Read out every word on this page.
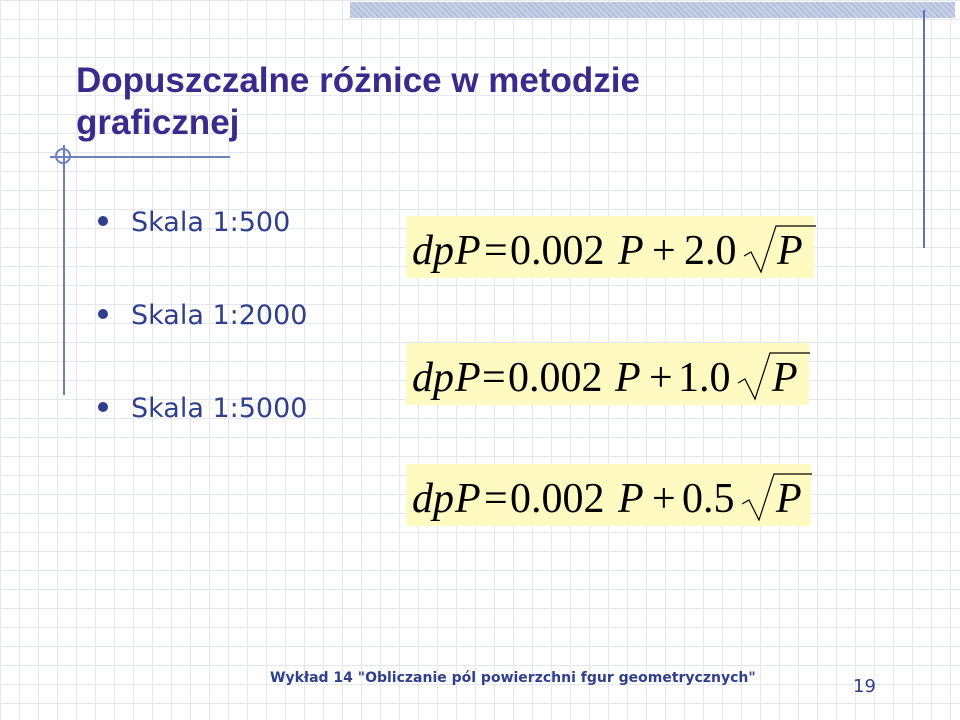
Dopuszczalne różnice w metodzie
graficznej
Skala 1:500
Skala 1:2000
Skala 1:5000
dp P = 0.002 P + 2.0 P
dp P = 0.002 P + 1.0 P
dp P = 0.002 P + 0.5 P
Wykład 14 "Obliczanie pól powierzchni fgur geometrycznych"	19
